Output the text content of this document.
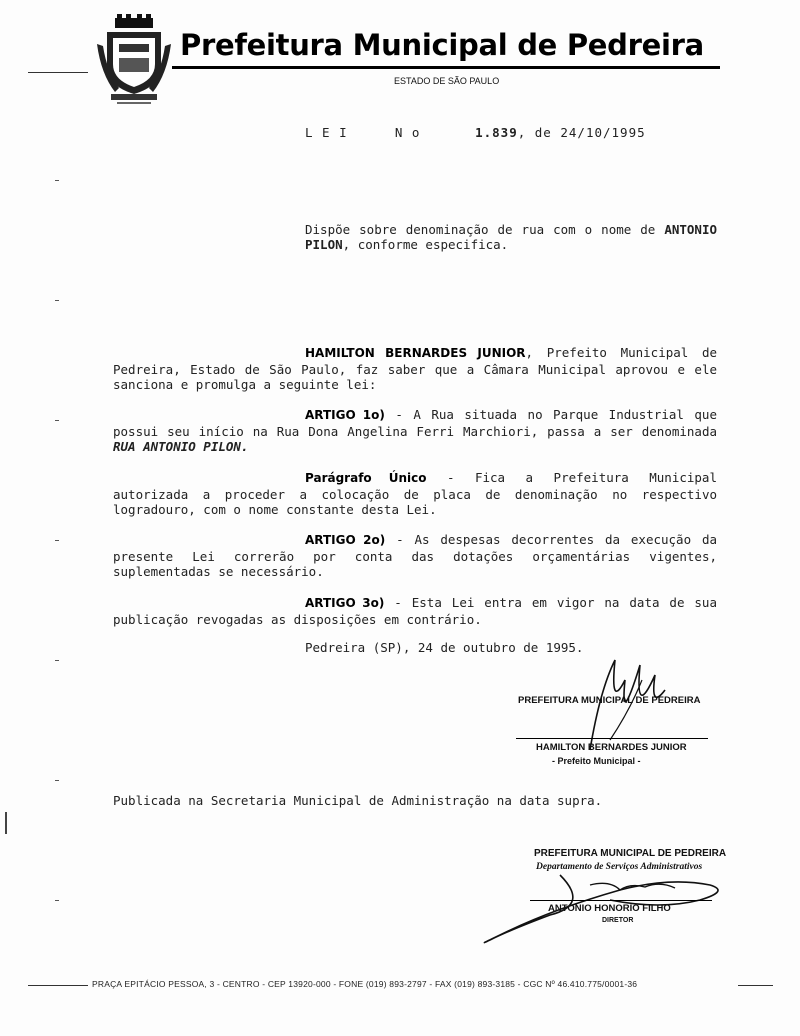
Prefeitura Municipal de Pedreira
ESTADO DE SÃO PAULO
L E I	N o	1.839, de 24/10/1995
Dispõe sobre denominação de rua com o nome de ANTONIO PILON, conforme especifica.
HAMILTON BERNARDES JUNIOR, Prefeito Municipal de Pedreira, Estado de São Paulo, faz saber que a Câmara Municipal aprovou e ele sanciona e promulga a seguinte lei:
ARTIGO 1o) - A Rua situada no Parque Industrial que possui seu início na Rua Dona Angelina Ferri Marchiori, passa a ser denominada RUA ANTONIO PILON.
Parágrafo Único - Fica a Prefeitura Municipal autorizada a proceder a colocação de placa de denominação no respectivo logradouro, com o nome constante desta Lei.
ARTIGO 2o) - As despesas decorrentes da execução da presente Lei correrão por conta das dotações orçamentárias vigentes, suplementadas se necessário.
ARTIGO 3o) - Esta Lei entra em vigor na data de sua publicação revogadas as disposições em contrário.
Pedreira (SP), 24 de outubro de 1995.
PREFEITURA MUNICIPAL DE PEDREIRA
HAMILTON BERNARDES JUNIOR
- Prefeito Municipal -
Publicada na Secretaria Municipal de Administração na data supra.
PREFEITURA MUNICIPAL DE PEDREIRA
Departamento de Serviços Administrativos
ANTONIO HONORIO FILHO
DIRETOR
PRAÇA EPITÁCIO PESSOA, 3 - CENTRO - CEP 13920-000 - FONE (019) 893-2797 - FAX (019) 893-3185 - CGC Nº 46.410.775/0001-36
